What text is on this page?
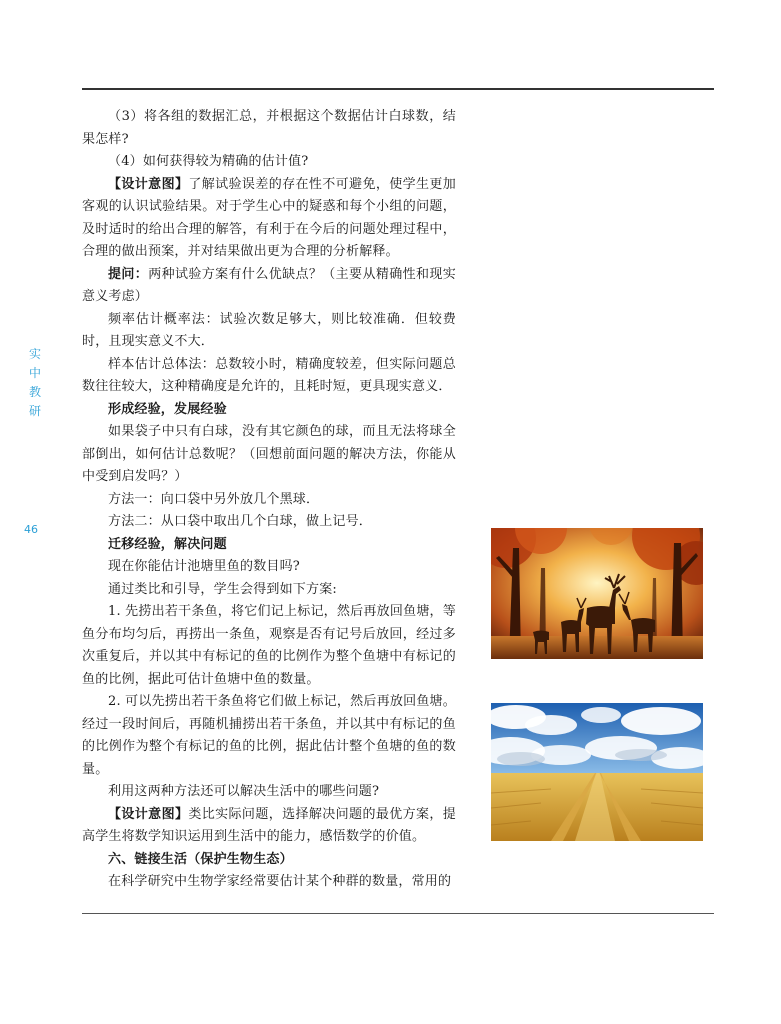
实
中
教
研
46

（3）将各组的数据汇总，并根据这个数据估计白球数，结果怎样?

（4）如何获得较为精确的估计值?

【设计意图】了解试验误差的存在性不可避免，使学生更加客观的认识试验结果。对于学生心中的疑惑和每个小组的问题，及时适时的给出合理的解答，有利于在今后的问题处理过程中，合理的做出预案，并对结果做出更为合理的分析解释。

提问：两种试验方案有什么优缺点？（主要从精确性和现实意义考虑）

频率估计概率法：试验次数足够大，则比较准确．但较费时，且现实意义不大．

样本估计总体法：总数较小时，精确度较差，但实际问题总数往往较大，这种精确度是允许的，且耗时短，更具现实意义．

形成经验，发展经验

如果袋子中只有白球，没有其它颜色的球，而且无法将球全部倒出，如何估计总数呢？（回想前面问题的解决方法，你能从中受到启发吗？）

方法一：向口袋中另外放几个黑球．

方法二：从口袋中取出几个白球，做上记号．

迁移经验，解决问题

现在你能估计池塘里鱼的数目吗?

通过类比和引导，学生会得到如下方案:

1. 先捞出若干条鱼，将它们记上标记，然后再放回鱼塘，等鱼分布均匀后，再捞出一条鱼，观察是否有记号后放回，经过多次重复后，并以其中有标记的鱼的比例作为整个鱼塘中有标记的鱼的比例，据此可估计鱼塘中鱼的数量。

2. 可以先捞出若干条鱼将它们做上标记，然后再放回鱼塘。经过一段时间后，再随机捕捞出若干条鱼，并以其中有标记的鱼的比例作为整个有标记的鱼的比例，据此估计整个鱼塘的鱼的数量。

利用这两种方法还可以解决生活中的哪些问题?

【设计意图】类比实际问题，选择解决问题的最优方案，提高学生将数学知识运用到生活中的能力，感悟数学的价值。

六、链接生活（保护生物生态）

在科学研究中生物学家经常要估计某个种群的数量，常用的
